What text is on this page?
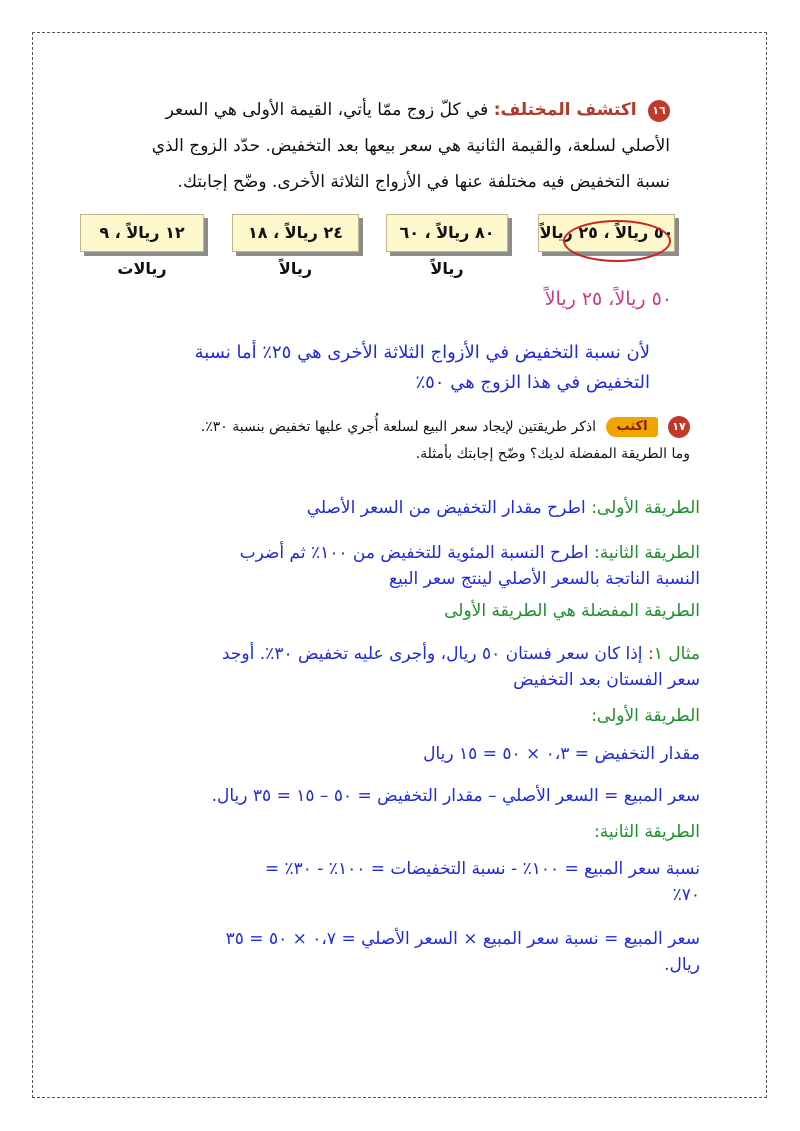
١٦ اكتشف المختلف: في كلّ زوج ممّا يأتي، القيمة الأولى هي السعر الأصلي لسلعة، والقيمة الثانية هي سعر بيعها بعد التخفيض. حدّد الزوج الذي نسبة التخفيض فيه مختلفة عنها في الأزواج الثلاثة الأخرى. وضّح إجابتك.
٥٠ ريالاً ، ٢٥ ريالاً
٨٠ ريالاً ، ٦٠ ريالاً
٢٤ ريالاً ، ١٨ ريالاً
١٢ ريالاً ، ٩ ريالات
٥٠ ريالاً، ٢٥ ريالاً
لأن نسبة التخفيض في الأزواج الثلاثة الأخرى هي ٢٥٪ أما نسبة التخفيض في هذا الزوج هي ٥٠٪
١٧ اكتب اذكر طريقتين لإيجاد سعر البيع لسلعة أُجري عليها تخفيض بنسبة ٣٠٪.
وما الطريقة المفضلة لديك؟ وضّح إجابتك بأمثلة.
الطريقة الأولى: اطرح مقدار التخفيض من السعر الأصلي
الطريقة الثانية: اطرح النسبة المئوية للتخفيض من ١٠٠٪ ثم أضرب
النسبة الناتجة بالسعر الأصلي لينتج سعر البيع
الطريقة المفضلة هي الطريقة الأولى
مثال ١: إذا كان سعر فستان ٥٠ ريال، وأجرى عليه تخفيض ٣٠٪. أوجد
سعر الفستان بعد التخفيض
الطريقة الأولى:
مقدار التخفيض = ٠،٣ × ٥٠ = ١٥ ريال
سعر المبيع = السعر الأصلي – مقدار التخفيض = ٥٠ – ١٥ = ٣٥ ريال.
الطريقة الثانية:
نسبة سعر المبيع = ١٠٠٪ - نسبة التخفيضات = ١٠٠٪ - ٣٠٪ =
٧٠٪
سعر المبيع = نسبة سعر المبيع × السعر الأصلي = ٠،٧ × ٥٠ = ٣٥
ريال.
